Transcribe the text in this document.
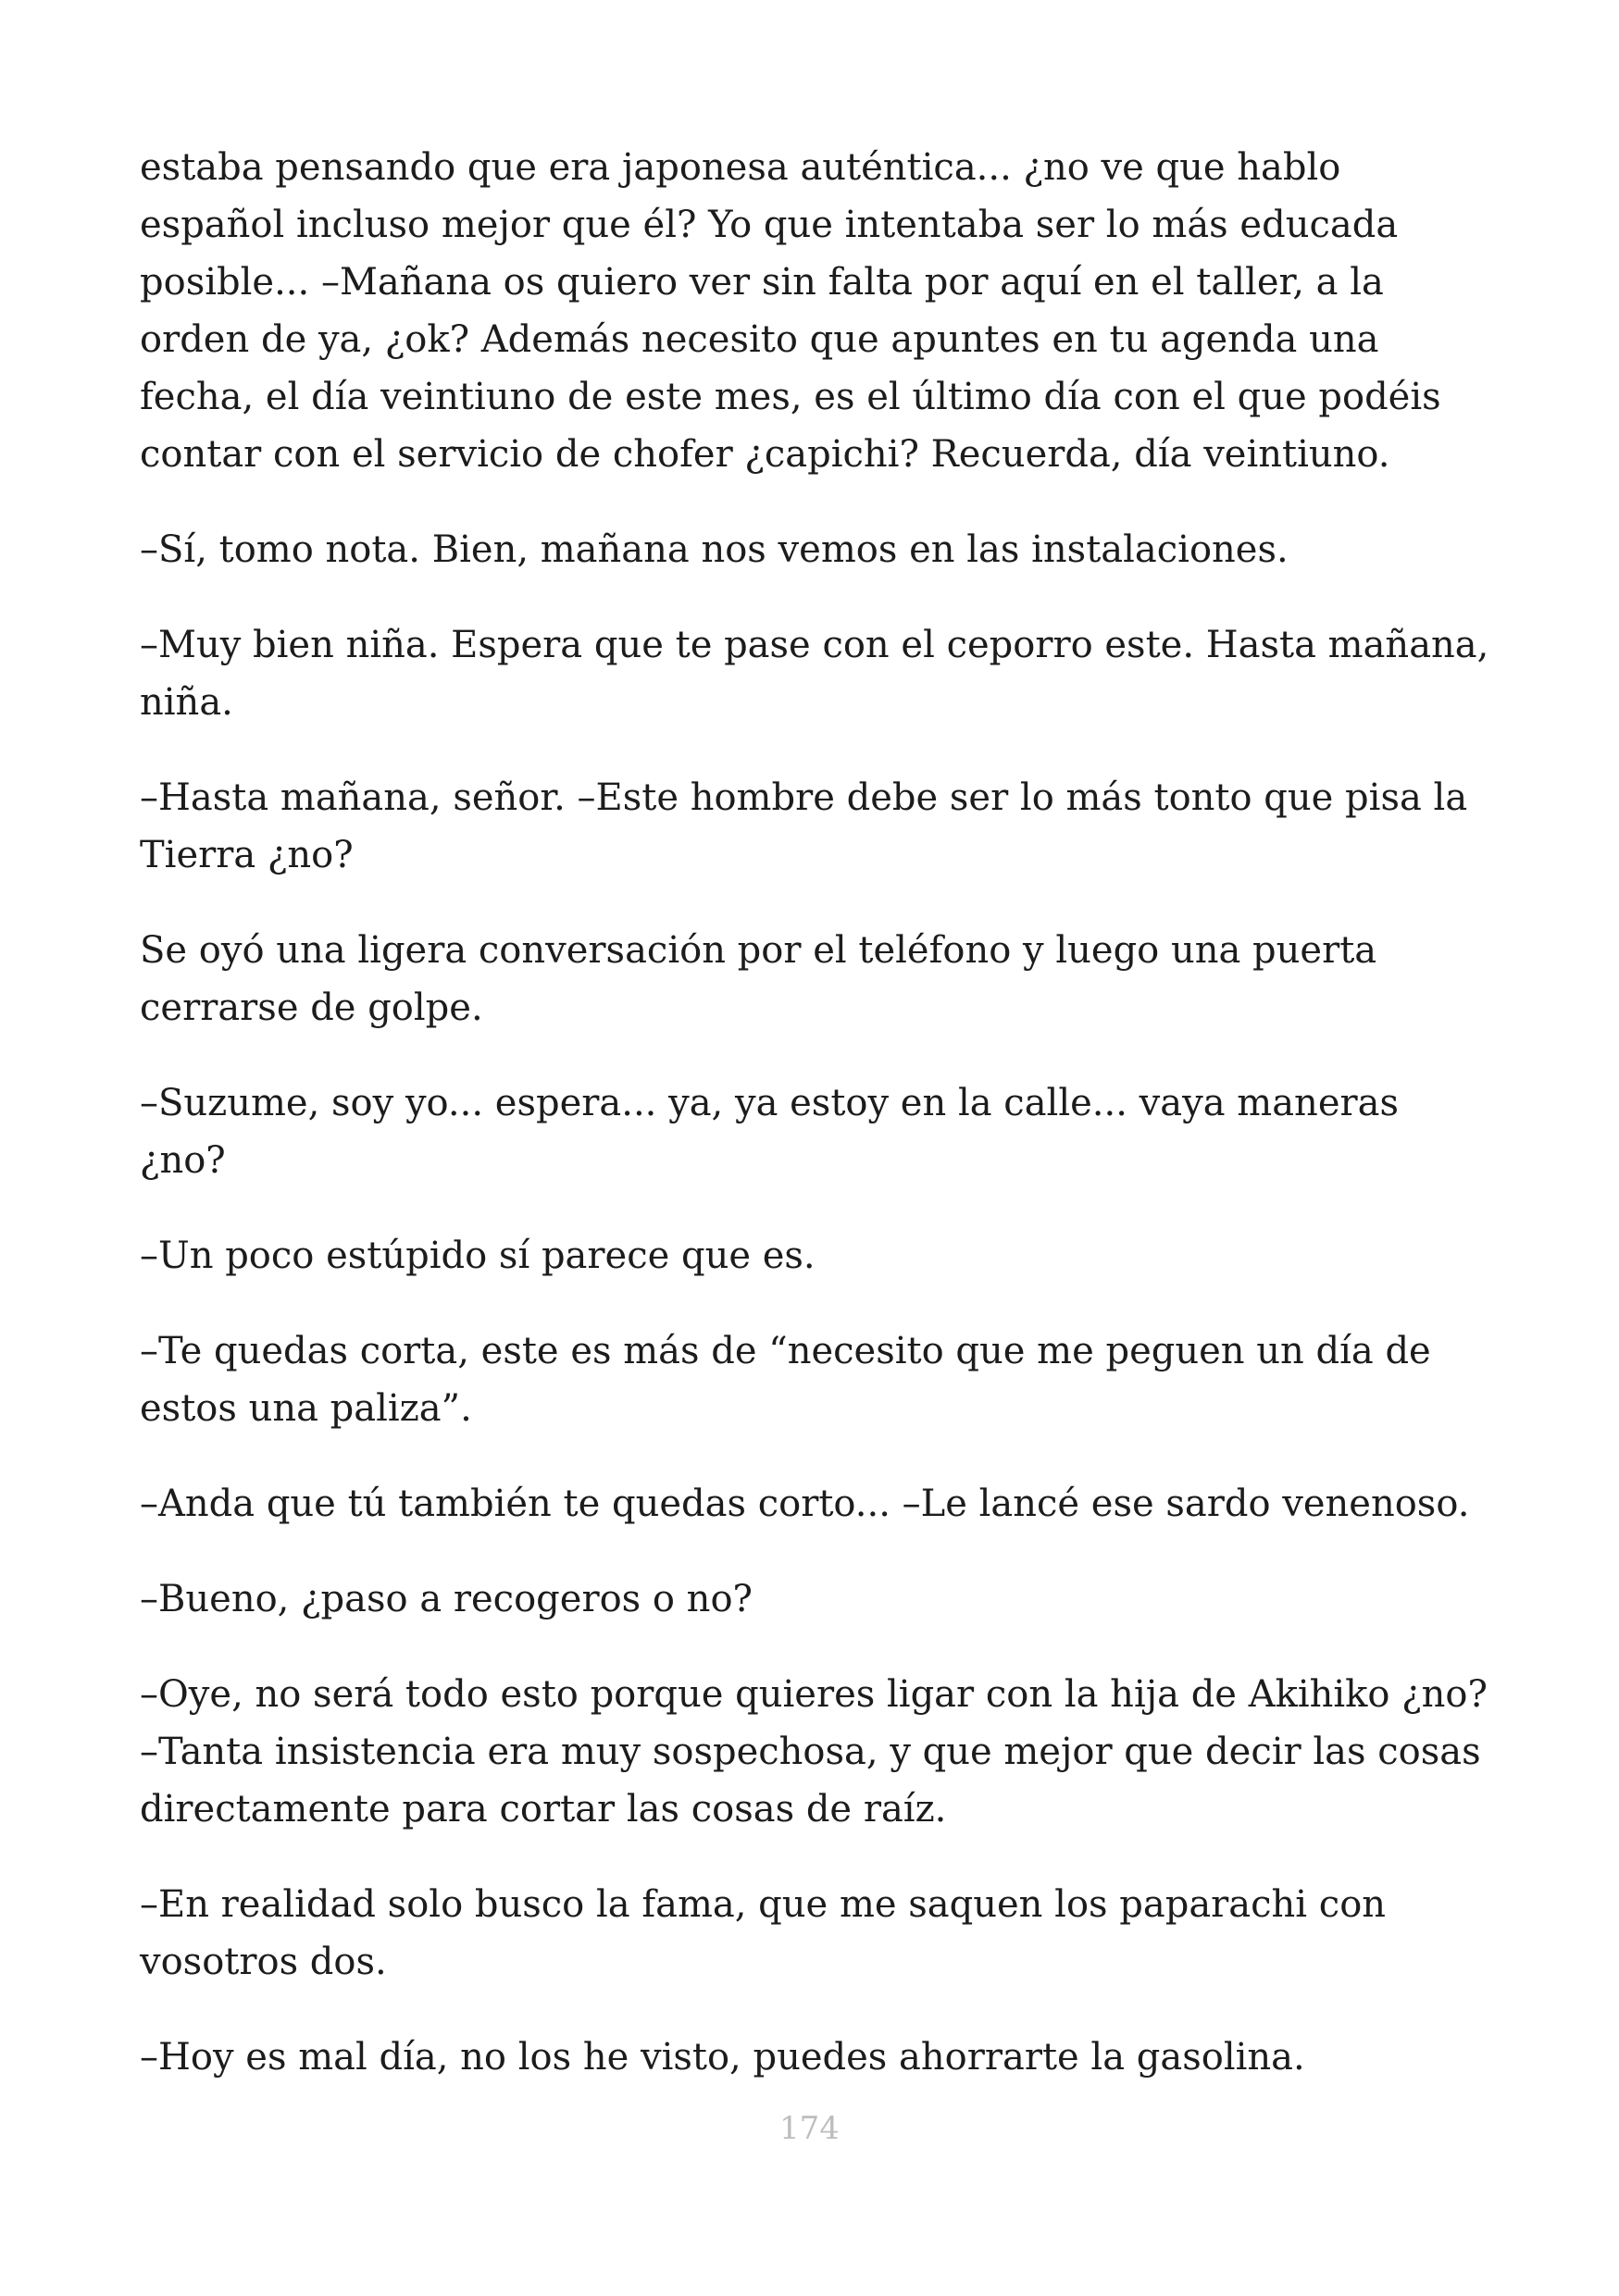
estaba pensando que era japonesa auténtica... ¿no ve que hablo español incluso mejor que él? Yo que intentaba ser lo más educada posible... –Mañana os quiero ver sin falta por aquí en el taller, a la orden de ya, ¿ok? Además necesito que apuntes en tu agenda una fecha, el día veintiuno de este mes, es el último día con el que podéis contar con el servicio de chofer ¿capichi? Recuerda, día veintiuno.

–Sí, tomo nota. Bien, mañana nos vemos en las instalaciones.

–Muy bien niña. Espera que te pase con el ceporro este. Hasta mañana, niña.

–Hasta mañana, señor. –Este hombre debe ser lo más tonto que pisa la Tierra ¿no?

Se oyó una ligera conversación por el teléfono y luego una puerta cerrarse de golpe.

–Suzume, soy yo... espera... ya, ya estoy en la calle... vaya maneras ¿no?

–Un poco estúpido sí parece que es.

–Te quedas corta, este es más de “necesito que me peguen un día de estos una paliza”.

–Anda que tú también te quedas corto... –Le lancé ese sardo venenoso.

–Bueno, ¿paso a recogeros o no?

–Oye, no será todo esto porque quieres ligar con la hija de Akihiko ¿no? –Tanta insistencia era muy sospechosa, y que mejor que decir las cosas directamente para cortar las cosas de raíz.

–En realidad solo busco la fama, que me saquen los paparachi con vosotros dos.

–Hoy es mal día, no los he visto, puedes ahorrarte la gasolina.

174
